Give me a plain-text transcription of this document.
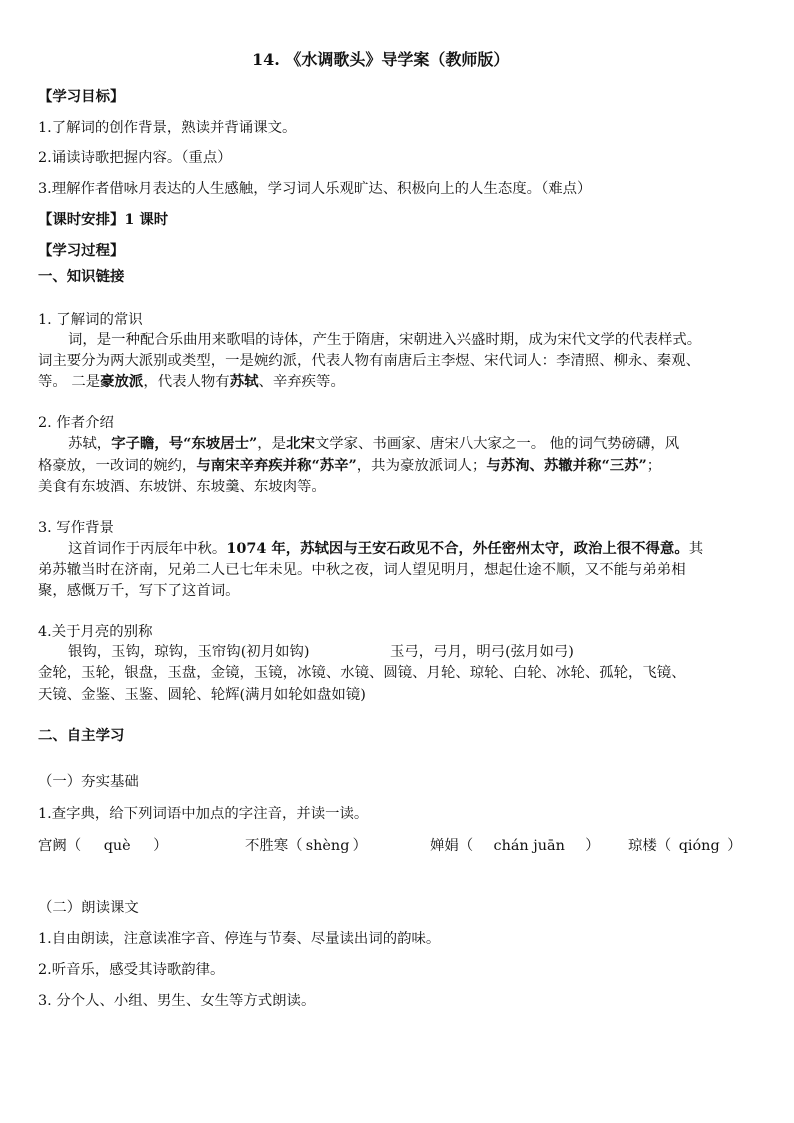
14. 《水调歌头》导学案（教师版）
【学习目标】
1.了解词的创作背景，熟读并背诵课文。
2.诵读诗歌把握内容。（重点）
3.理解作者借咏月表达的人生感触，学习词人乐观旷达、积极向上的人生态度。（难点）
【课时安排】1 课时
【学习过程】
一、知识链接
1. 了解词的常识
词，是一种配合乐曲用来歌唱的诗体，产生于隋唐，宋朝进入兴盛时期，成为宋代文学的代表样式。
词主要分为两大派别或类型，一是婉约派，代表人物有南唐后主李煜、宋代词人：李清照、柳永、秦观、
等。 二是豪放派，代表人物有苏轼、辛弃疾等。
2. 作者介绍
苏轼，字子瞻，号“东坡居士”，是北宋文学家、书画家、唐宋八大家之一。 他的词气势磅礴，风
格豪放，一改词的婉约，与南宋辛弃疾并称“苏辛”，共为豪放派词人；与苏洵、苏辙并称“三苏”；
美食有东坡酒、东坡饼、东坡羹、东坡肉等。
3. 写作背景
这首词作于丙辰年中秋。1074 年，苏轼因与王安石政见不合，外任密州太守，政治上很不得意。其
弟苏辙当时在济南，兄弟二人已七年未见。中秋之夜，词人望见明月，想起仕途不顺，又不能与弟弟相
聚，感慨万千，写下了这首词。
4.关于月亮的别称
银钩，玉钩，琼钩，玉帘钩(初月如钩)	玉弓，弓月，明弓(弦月如弓)
金轮，玉轮，银盘，玉盘，金镜，玉镜，冰镜、水镜、圆镜、月轮、琼轮、白轮、冰轮、孤轮，飞镜、
天镜、金鉴、玉鉴、圆轮、轮辉(满月如轮如盘如镜)
二、自主学习
（一）夯实基础
1.查字典，给下列词语中加点的字注音，并读一读。
宫阙（ què ）	不胜寒（ shèng ）	婵娟（ chán juān ） 琼楼（ qióng ）
（二）朗读课文
1.自由朗读，注意读准字音、停连与节奏、尽量读出词的韵味。
2.听音乐，感受其诗歌韵律。
3. 分个人、小组、男生、女生等方式朗读。
